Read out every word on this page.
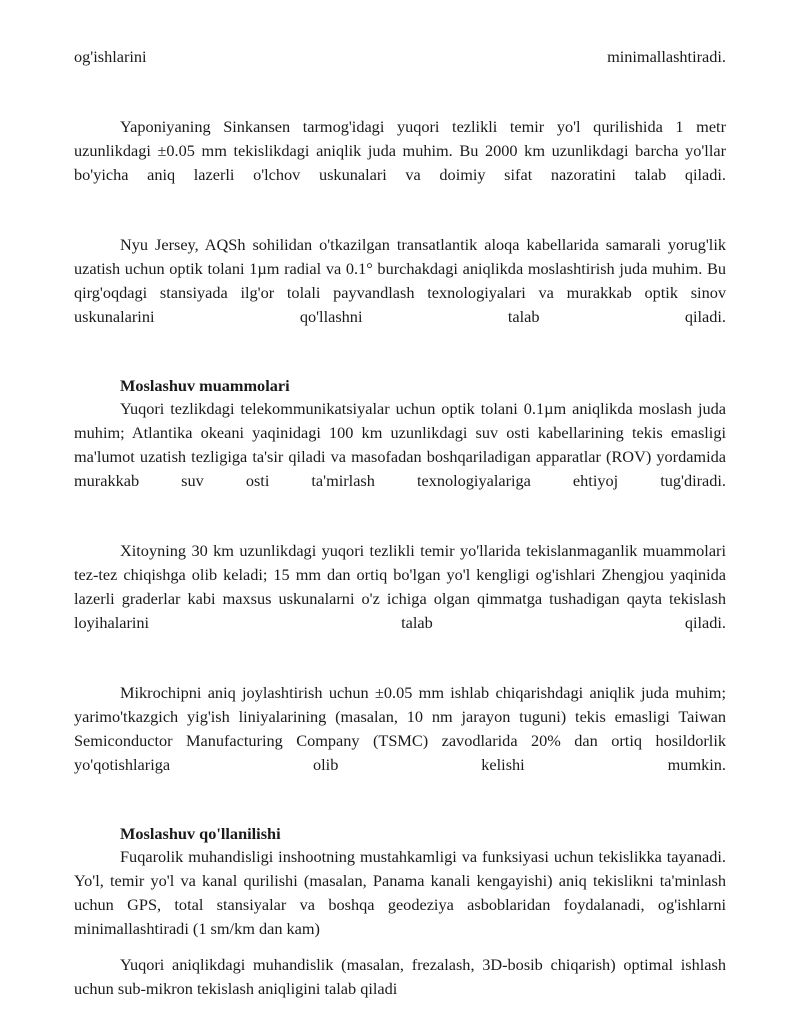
og'ishlarini minimallashtiradi.

Yaponiyaning Sinkansen tarmog'idagi yuqori tezlikli temir yo'l qurilishida 1 metr uzunlikdagi ±0.05 mm tekislikdagi aniqlik juda muhim. Bu 2000 km uzunlikdagi barcha yo'llar bo'yicha aniq lazerli o'lchov uskunalari va doimiy sifat nazoratini talab qiladi.

Nyu Jersey, AQSh sohilidan o'tkazilgan transatlantik aloqa kabellarida samarali yorug'lik uzatish uchun optik tolani 1µm radial va 0.1° burchakdagi aniqlikda moslashtirish juda muhim. Bu qirg'oqdagi stansiyada ilg'or tolali payvandlash texnologiyalari va murakkab optik sinov uskunalarini qo'llashni talab qiladi.

Moslashuv muammolari

Yuqori tezlikdagi telekommunikatsiyalar uchun optik tolani 0.1µm aniqlikda moslash juda muhim; Atlantika okeani yaqinidagi 100 km uzunlikdagi suv osti kabellarining tekis emasligi ma'lumot uzatish tezligiga ta'sir qiladi va masofadan boshqariladigan apparatlar (ROV) yordamida murakkab suv osti ta'mirlash texnologiyalariga ehtiyoj tug'diradi.

Xitoyning 30 km uzunlikdagi yuqori tezlikli temir yo'llarida tekislanmaganlik muammolari tez-tez chiqishga olib keladi; 15 mm dan ortiq bo'lgan yo'l kengligi og'ishlari Zhengjou yaqinida lazerli graderlar kabi maxsus uskunalarni o'z ichiga olgan qimmatga tushadigan qayta tekislash loyihalarini talab qiladi.

Mikrochipni aniq joylashtirish uchun ±0.05 mm ishlab chiqarishdagi aniqlik juda muhim; yarimo'tkazgich yig'ish liniyalarining (masalan, 10 nm jarayon tuguni) tekis emasligi Taiwan Semiconductor Manufacturing Company (TSMC) zavodlarida 20% dan ortiq hosildorlik yo'qotishlariga olib kelishi mumkin.

Moslashuv qo'llanilishi

Fuqarolik muhandisligi inshootning mustahkamligi va funksiyasi uchun tekislikka tayanadi. Yo'l, temir yo'l va kanal qurilishi (masalan, Panama kanali kengayishi) aniq tekislikni ta'minlash uchun GPS, total stansiyalar va boshqa geodeziya asboblaridan foydalanadi, og'ishlarni minimallashtiradi (1 sm/km dan kam)

Yuqori aniqlikdagi muhandislik (masalan, frezalash, 3D-bosib chiqarish) optimal ishlash uchun sub-mikron tekislash aniqligini talab qiladi
